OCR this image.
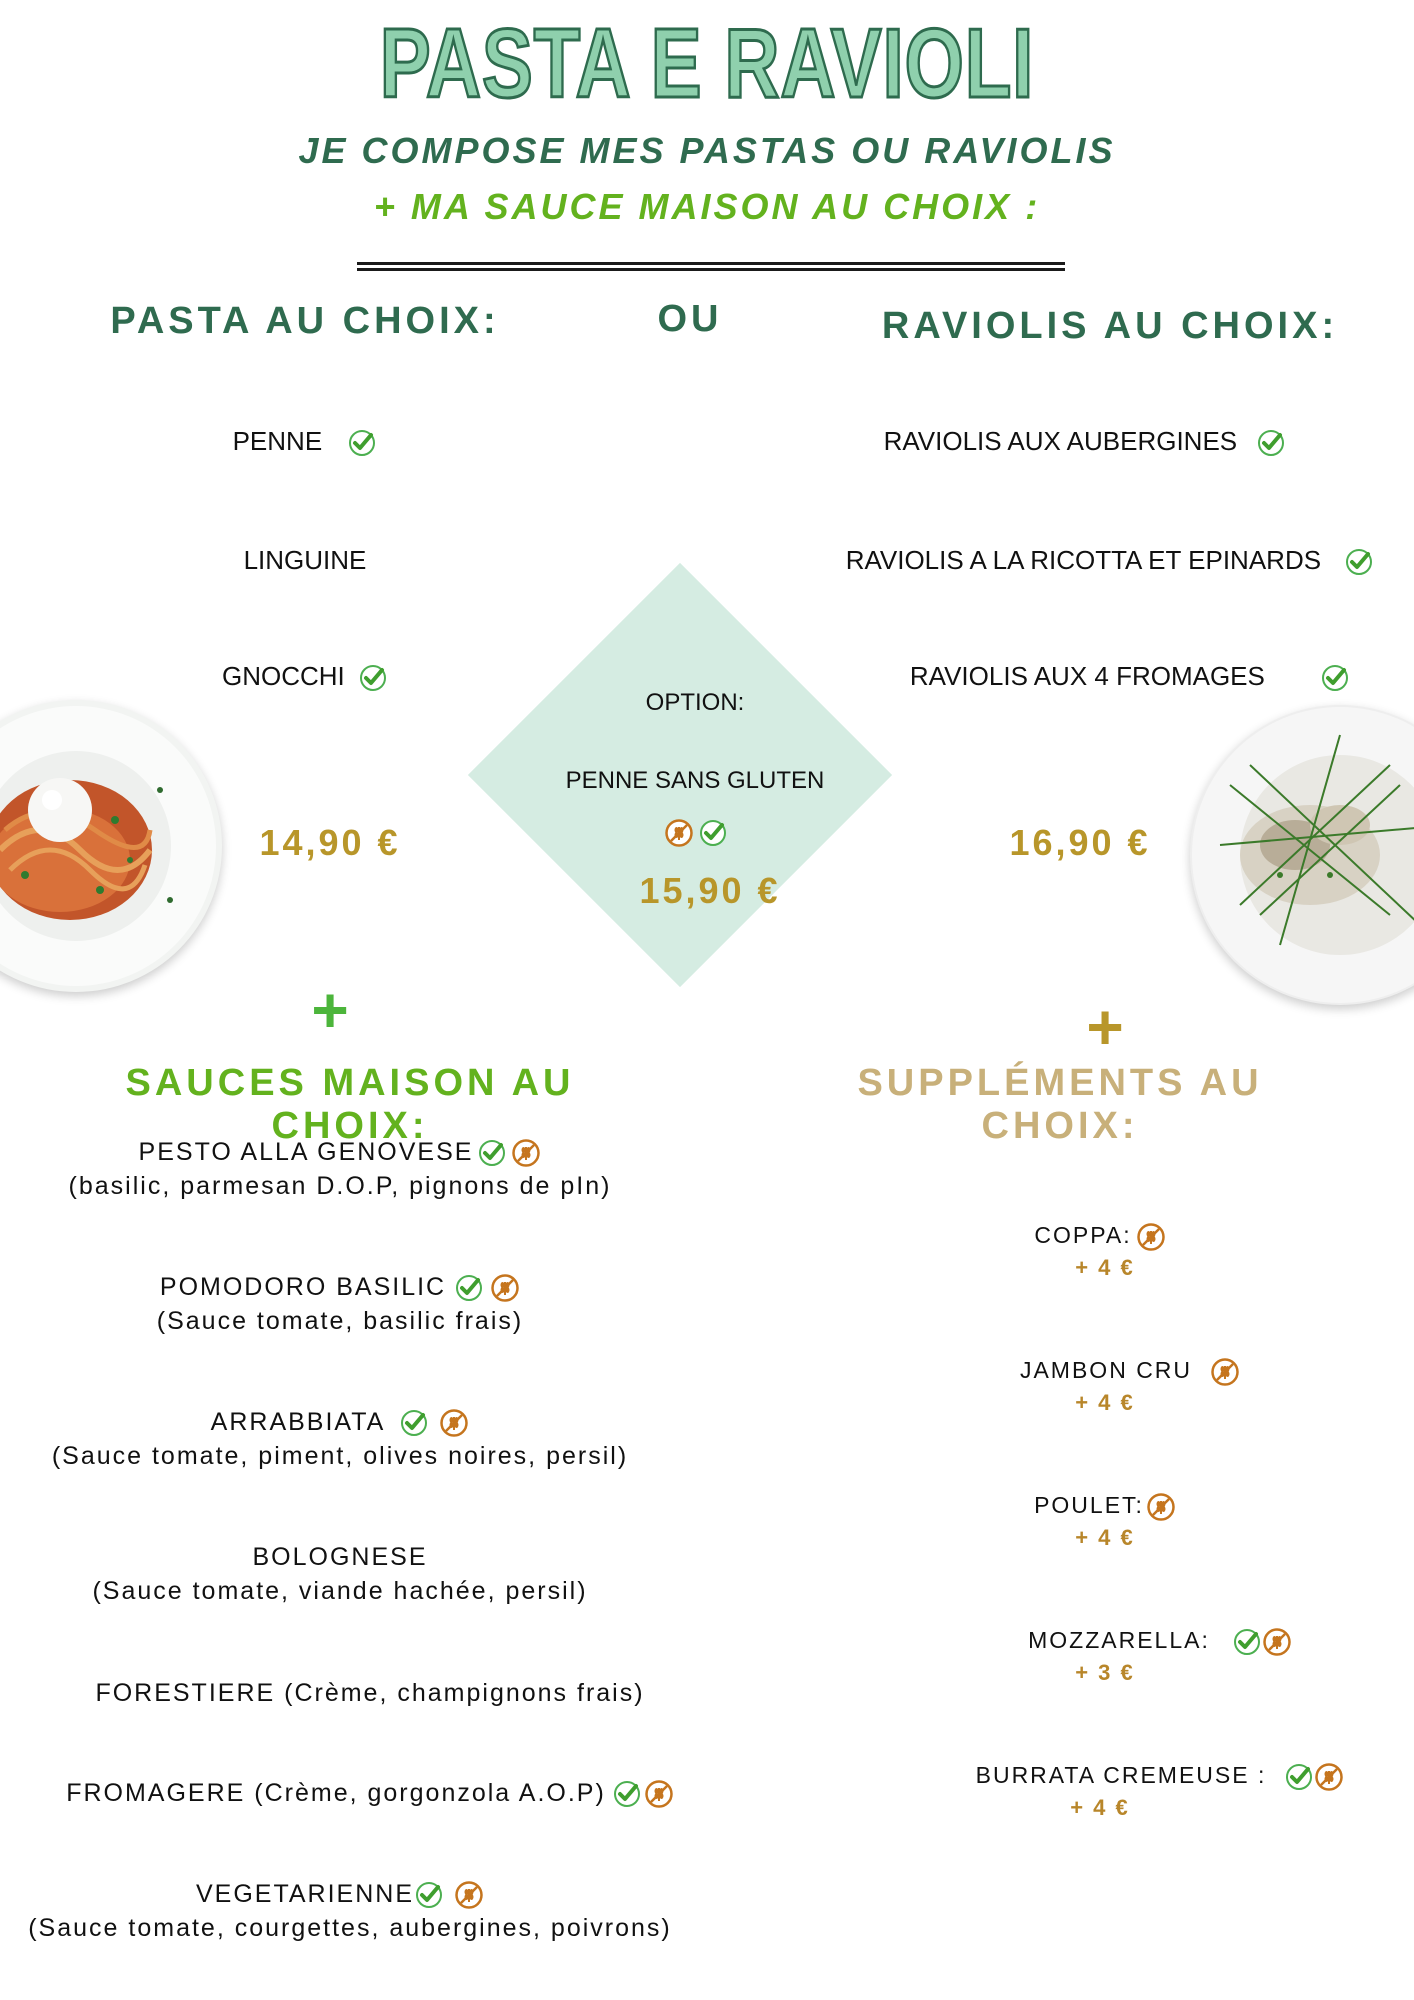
PASTA E RAVIOLI
JE COMPOSE MES PASTAS OU RAVIOLIS
+ MA SAUCE MAISON AU CHOIX :
PASTA AU CHOIX:	OU	RAVIOLIS AU CHOIX:
PENNE
LINGUINE
GNOCCHI
RAVIOLIS AUX AUBERGINES
RAVIOLIS A LA RICOTTA ET EPINARDS
RAVIOLIS AUX 4 FROMAGES
14,90 €	16,90 €
OPTION:
PENNE SANS GLUTEN
15,90 €
+	+
SAUCES MAISON AU CHOIX:
SUPPLÉMENTS AU CHOIX:
PESTO ALLA GENOVESE
(basilic, parmesan D.O.P, pignons de pIn)
POMODORO BASILIC
(Sauce tomate, basilic frais)
ARRABBIATA
(Sauce tomate, piment, olives noires, persil)
BOLOGNESE
(Sauce tomate, viande hachée, persil)
FORESTIERE (Crème, champignons frais)
FROMAGERE (Crème, gorgonzola A.O.P)
VEGETARIENNE
(Sauce tomate, courgettes, aubergines, poivrons)
COPPA:
+ 4 €
JAMBON CRU
+ 4 €
POULET:
+ 4 €
MOZZARELLA:
+ 3 €
BURRATA CREMEUSE :
+ 4 €
